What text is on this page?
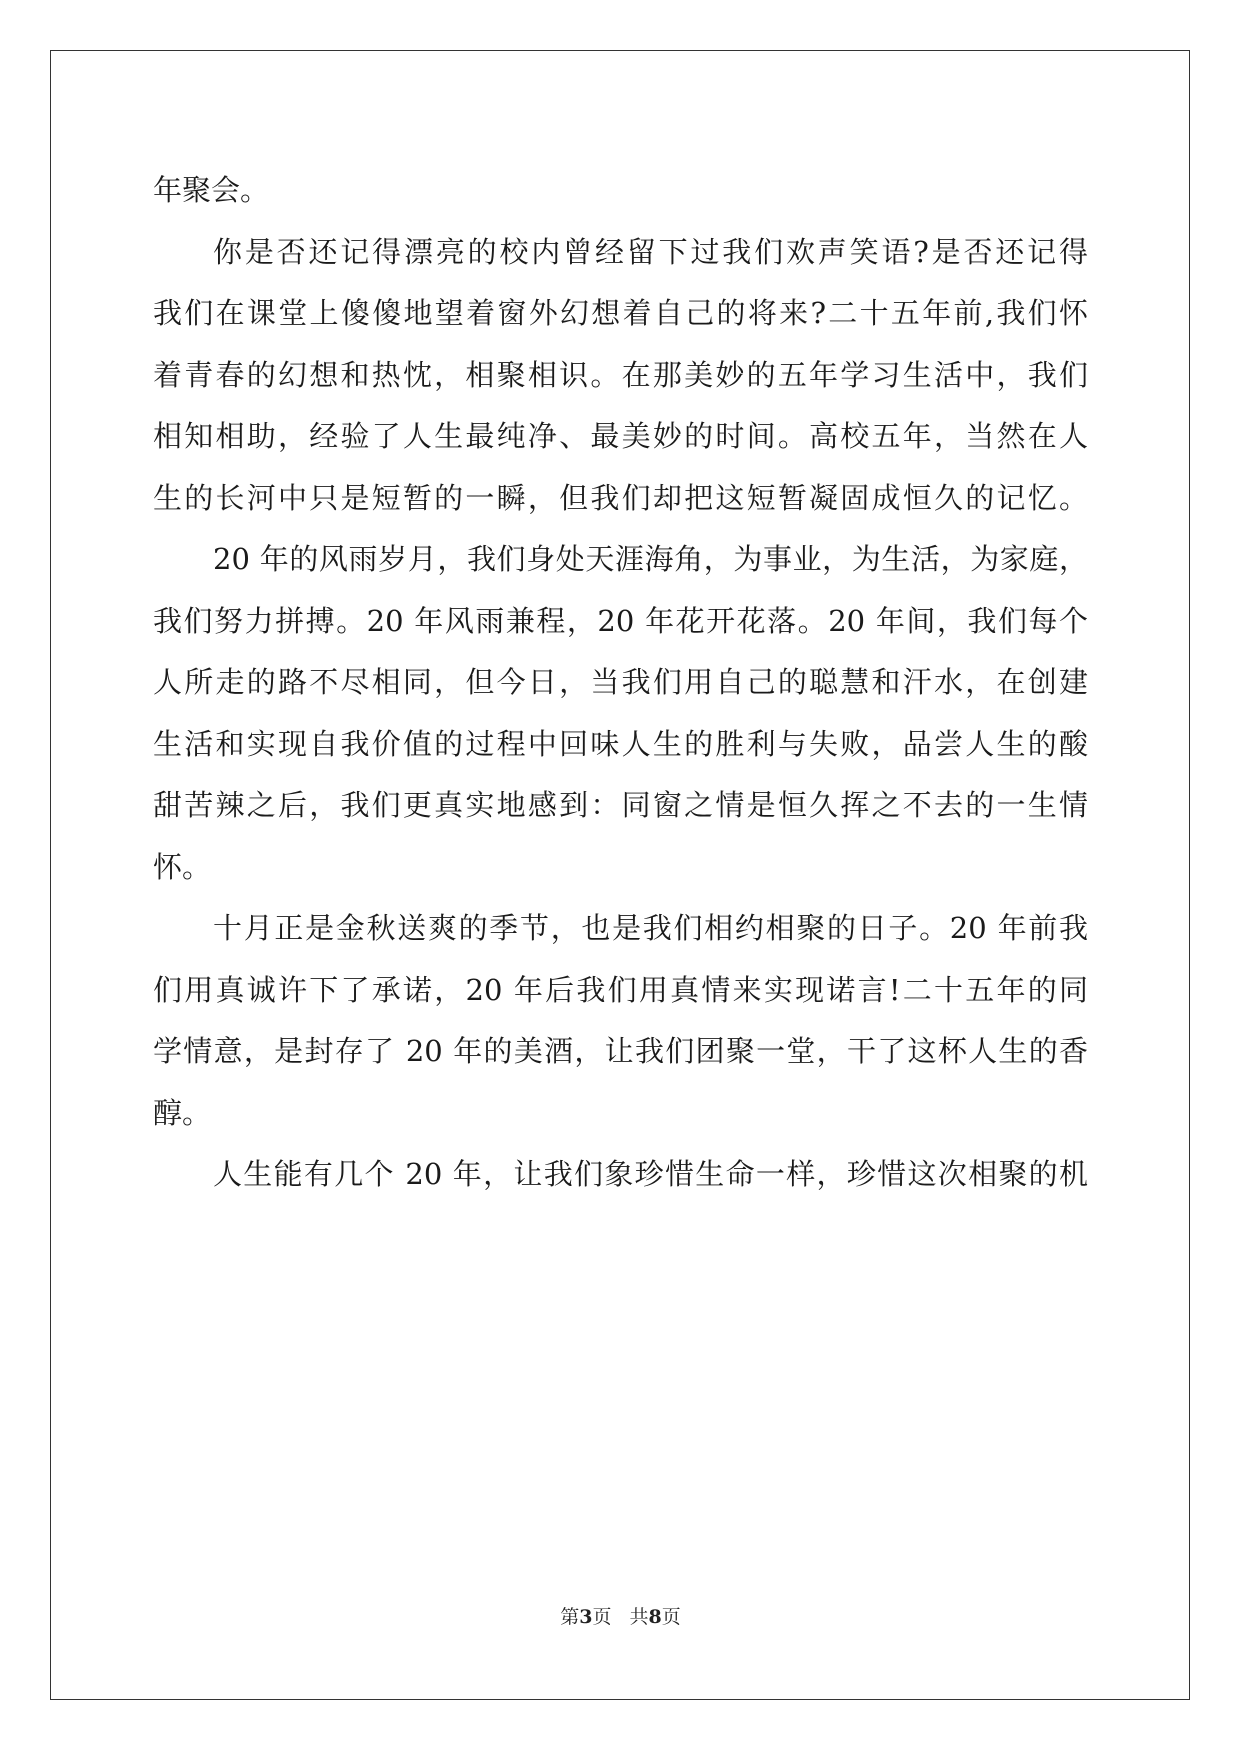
年聚会。
你是否还记得漂亮的校内曾经留下过我们欢声笑语?是否还记得
我们在课堂上傻傻地望着窗外幻想着自己的将来?二十五年前,我们怀
着青春的幻想和热忱，相聚相识。在那美妙的五年学习生活中，我们
相知相助，经验了人生最纯净、最美妙的时间。高校五年，当然在人
生的长河中只是短暂的一瞬，但我们却把这短暂凝固成恒久的记忆。
20 年的风雨岁月，我们身处天涯海角，为事业，为生活，为家庭，
我们努力拼搏。20 年风雨兼程，20 年花开花落。20 年间，我们每个
人所走的路不尽相同，但今日，当我们用自己的聪慧和汗水，在创建
生活和实现自我价值的过程中回味人生的胜利与失败，品尝人生的酸
甜苦辣之后，我们更真实地感到：同窗之情是恒久挥之不去的一生情
怀。
十月正是金秋送爽的季节，也是我们相约相聚的日子。20 年前我
们用真诚许下了承诺，20 年后我们用真情来实现诺言!二十五年的同
学情意，是封存了 20 年的美酒，让我们团聚一堂，干了这杯人生的香
醇。
人生能有几个 20 年，让我们象珍惜生命一样，珍惜这次相聚的机
第3页 共8页
